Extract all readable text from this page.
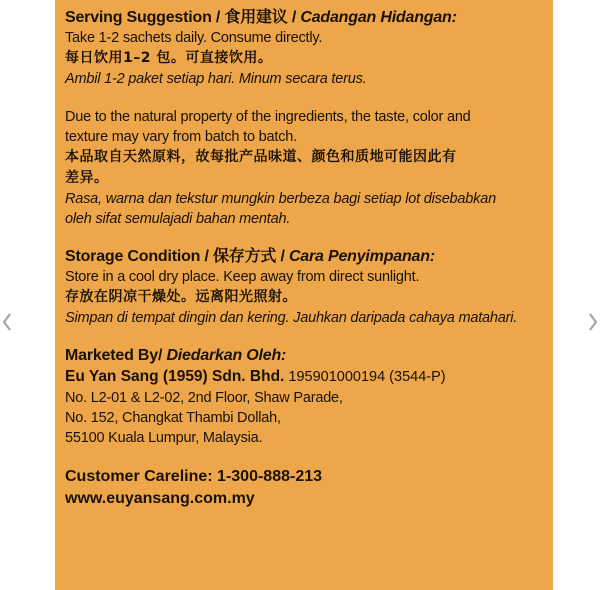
Serving Suggestion / 食用建议 / Cadangan Hidangan:
Take 1-2 sachets daily. Consume directly.
每日饮用1–2 包。可直接饮用。
Ambil 1-2 paket setiap hari. Minum secara terus.
Due to the natural property of the ingredients, the taste, color and
texture may vary from batch to batch.
本品取自天然原料，故每批产品味道、颜色和质地可能因此有
差异。
Rasa, warna dan tekstur mungkin berbeza bagi setiap lot disebabkan
oleh sifat semulajadi bahan mentah.
Storage Condition / 保存方式 / Cara Penyimpanan:
Store in a cool dry place. Keep away from direct sunlight.
存放在阴凉干燥处。远离阳光照射。
Simpan di tempat dingin dan kering. Jauhkan daripada cahaya matahari.
Marketed By/ Diedarkan Oleh:
Eu Yan Sang (1959) Sdn. Bhd. 195901000194 (3544-P)
No. L2-01 & L2-02, 2nd Floor, Shaw Parade,
No. 152, Changkat Thambi Dollah,
55100 Kuala Lumpur, Malaysia.
Customer Careline: 1-300-888-213
www.euyansang.com.my
